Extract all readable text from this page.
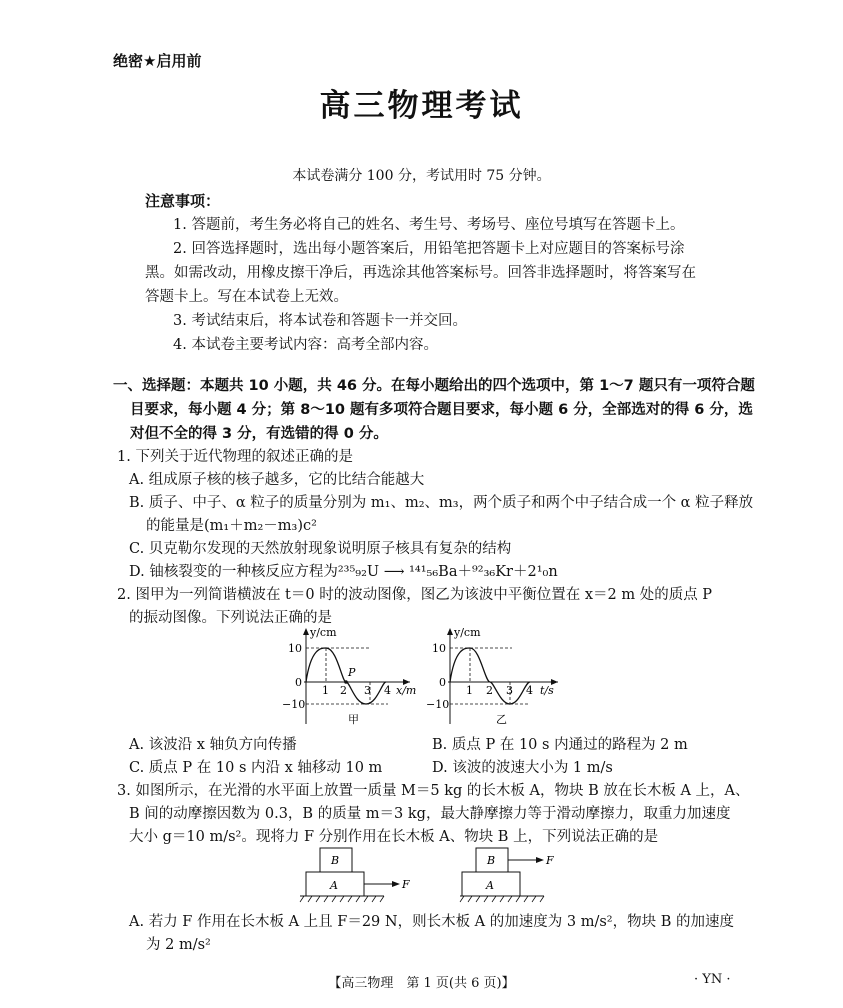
绝密★启用前
高三物理考试
本试卷满分 100 分，考试用时 75 分钟。
注意事项：
1. 答题前，考生务必将自己的姓名、考生号、考场号、座位号填写在答题卡上。
2. 回答选择题时，选出每小题答案后，用铅笔把答题卡上对应题目的答案标号涂
黑。如需改动，用橡皮擦干净后，再选涂其他答案标号。回答非选择题时，将答案写在
答题卡上。写在本试卷上无效。
3. 考试结束后，将本试卷和答题卡一并交回。
4. 本试卷主要考试内容：高考全部内容。
一、选择题：本题共 10 小题，共 46 分。在每小题给出的四个选项中，第 1～7 题只有一项符合题
目要求，每小题 4 分；第 8～10 题有多项符合题目要求，每小题 6 分，全部选对的得 6 分，选
对但不全的得 3 分，有选错的得 0 分。
1. 下列关于近代物理的叙述正确的是
A. 组成原子核的核子越多，它的比结合能越大
B. 质子、中子、α 粒子的质量分别为 m₁、m₂、m₃，两个质子和两个中子结合成一个 α 粒子释放
的能量是(m₁＋m₂－m₃)c²
C. 贝克勒尔发现的天然放射现象说明原子核具有复杂的结构
D. 铀核裂变的一种核反应方程为²³⁵₉₂U ⟶ ¹⁴¹₅₆Ba＋⁹²₃₆Kr＋2¹₀n
2. 图甲为一列简谐横波在 t＝0 时的波动图像，图乙为该波中平衡位置在 x＝2 m 处的质点 P
的振动图像。下列说法正确的是
y/cm
10
0
−10
1 2 3 4 x/m
P
甲
y/cm
10
0
−10
1 2 3 4 t/s
乙
A. 该波沿 x 轴负方向传播	B. 质点 P 在 10 s 内通过的路程为 2 m
C. 质点 P 在 10 s 内沿 x 轴移动 10 m	D. 该波的波速大小为 1 m/s
3. 如图所示，在光滑的水平面上放置一质量 M＝5 kg 的长木板 A，物块 B 放在长木板 A 上，A、
B 间的动摩擦因数为 0.3，B 的质量 m＝3 kg，最大静摩擦力等于滑动摩擦力，取重力加速度
大小 g＝10 m/s²。现将力 F 分别作用在长木板 A、物块 B 上，下列说法正确的是
B
A	F
B
A
F
A. 若力 F 作用在长木板 A 上且 F＝29 N，则长木板 A 的加速度为 3 m/s²，物块 B 的加速度
为 2 m/s²
【高三物理　第 1 页(共 6 页)】	· YN ·
